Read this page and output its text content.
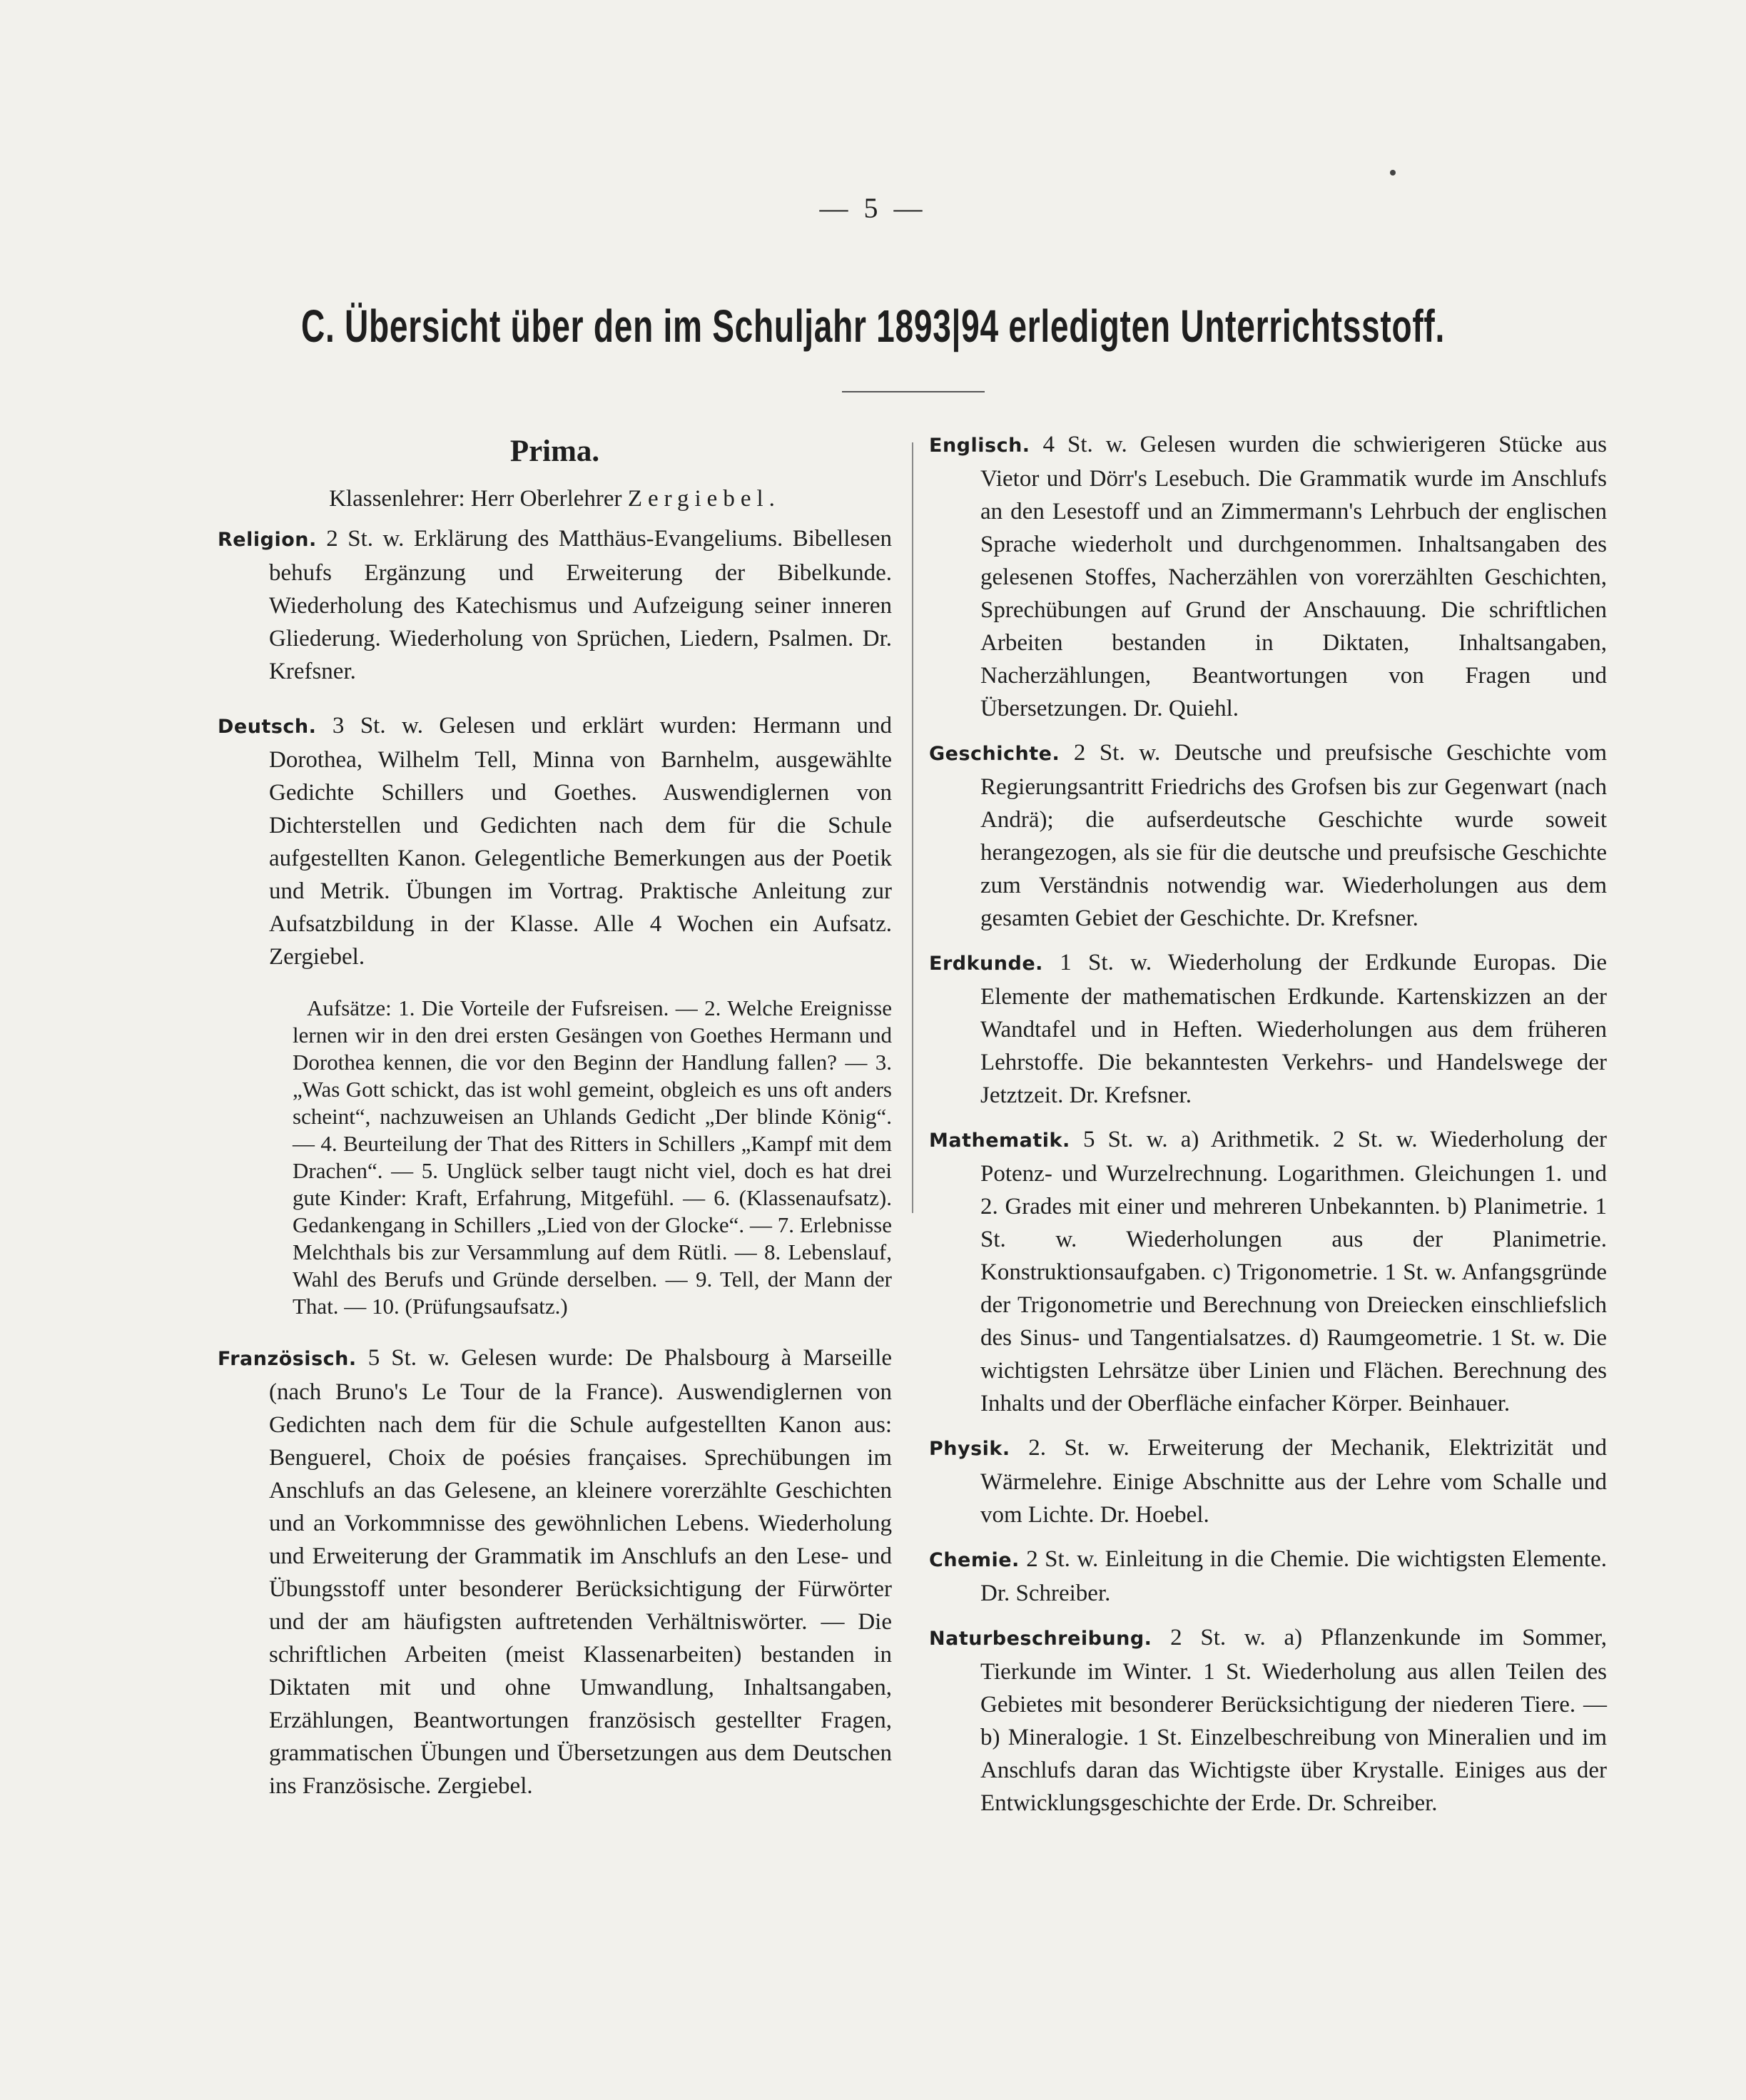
— 5 —
C. Übersicht über den im Schuljahr 1893|94 erledigten Unterrichtsstoff.
Prima.
Klassenlehrer: Herr Oberlehrer Zergiebel.

Religion. 2 St. w. Erklärung des Matthäus-Evangeliums. Bibellesen behufs Ergänzung und Erweiterung der Bibelkunde. Wiederholung des Katechismus und Aufzeigung seiner inneren Gliederung. Wiederholung von Sprüchen, Liedern, Psalmen. Dr. Krefsner.

Deutsch. 3 St. w. Gelesen und erklärt wurden: Hermann und Dorothea, Wilhelm Tell, Minna von Barnhelm, ausgewählte Gedichte Schillers und Goethes. Auswendiglernen von Dichterstellen und Gedichten nach dem für die Schule aufgestellten Kanon. Gelegentliche Bemerkungen aus der Poetik und Metrik. Übungen im Vortrag. Praktische Anleitung zur Aufsatzbildung in der Klasse. Alle 4 Wochen ein Aufsatz. Zergiebel.

Aufsätze: 1. Die Vorteile der Fufsreisen. — 2. Welche Ereignisse lernen wir in den drei ersten Gesängen von Goethes Hermann und Dorothea kennen, die vor den Beginn der Handlung fallen? — 3. „Was Gott schickt, das ist wohl gemeint, obgleich es uns oft anders scheint“, nachzuweisen an Uhlands Gedicht „Der blinde König“. — 4. Beurteilung der That des Ritters in Schillers „Kampf mit dem Drachen“. — 5. Unglück selber taugt nicht viel, doch es hat drei gute Kinder: Kraft, Erfahrung, Mitgefühl. — 6. (Klassenaufsatz). Gedankengang in Schillers „Lied von der Glocke“. — 7. Erlebnisse Melchthals bis zur Versammlung auf dem Rütli. — 8. Lebenslauf, Wahl des Berufs und Gründe derselben. — 9. Tell, der Mann der That. — 10. (Prüfungsaufsatz.)

Französisch. 5 St. w. Gelesen wurde: De Phalsbourg à Marseille (nach Bruno's Le Tour de la France). Auswendiglernen von Gedichten nach dem für die Schule aufgestellten Kanon aus: Benguerel, Choix de poésies françaises. Sprechübungen im Anschlufs an das Gelesene, an kleinere vorerzählte Geschichten und an Vorkommnisse des gewöhnlichen Lebens. Wiederholung und Erweiterung der Grammatik im Anschlufs an den Lese- und Übungsstoff unter besonderer Berücksichtigung der Fürwörter und der am häufigsten auftretenden Verhältniswörter. — Die schriftlichen Arbeiten (meist Klassenarbeiten) bestanden in Diktaten mit und ohne Umwandlung, Inhaltsangaben, Erzählungen, Beantwortungen französisch gestellter Fragen, grammatischen Übungen und Übersetzungen aus dem Deutschen ins Französische. Zergiebel.

Englisch. 4 St. w. Gelesen wurden die schwierigeren Stücke aus Vietor und Dörr's Lesebuch. Die Grammatik wurde im Anschlufs an den Lesestoff und an Zimmermann's Lehrbuch der englischen Sprache wiederholt und durchgenommen. Inhaltsangaben des gelesenen Stoffes, Nacherzählen von vorerzählten Geschichten, Sprechübungen auf Grund der Anschauung. Die schriftlichen Arbeiten bestanden in Diktaten, Inhaltsangaben, Nacherzählungen, Beantwortungen von Fragen und Übersetzungen. Dr. Quiehl.

Geschichte. 2 St. w. Deutsche und preufsische Geschichte vom Regierungsantritt Friedrichs des Grofsen bis zur Gegenwart (nach Andrä); die aufserdeutsche Geschichte wurde soweit herangezogen, als sie für die deutsche und preufsische Geschichte zum Verständnis notwendig war. Wiederholungen aus dem gesamten Gebiet der Geschichte. Dr. Krefsner.

Erdkunde. 1 St. w. Wiederholung der Erdkunde Europas. Die Elemente der mathematischen Erdkunde. Kartenskizzen an der Wandtafel und in Heften. Wiederholungen aus dem früheren Lehrstoffe. Die bekanntesten Verkehrs- und Handelswege der Jetztzeit. Dr. Krefsner.

Mathematik. 5 St. w. a) Arithmetik. 2 St. w. Wiederholung der Potenz- und Wurzelrechnung. Logarithmen. Gleichungen 1. und 2. Grades mit einer und mehreren Unbekannten. b) Planimetrie. 1 St. w. Wiederholungen aus der Planimetrie. Konstruktionsaufgaben. c) Trigonometrie. 1 St. w. Anfangsgründe der Trigonometrie und Berechnung von Dreiecken einschliefslich des Sinus- und Tangentialsatzes. d) Raumgeometrie. 1 St. w. Die wichtigsten Lehrsätze über Linien und Flächen. Berechnung des Inhalts und der Oberfläche einfacher Körper. Beinhauer.

Physik. 2. St. w. Erweiterung der Mechanik, Elektrizität und Wärmelehre. Einige Abschnitte aus der Lehre vom Schalle und vom Lichte. Dr. Hoebel.

Chemie. 2 St. w. Einleitung in die Chemie. Die wichtigsten Elemente. Dr. Schreiber.

Naturbeschreibung. 2 St. w. a) Pflanzenkunde im Sommer, Tierkunde im Winter. 1 St. Wiederholung aus allen Teilen des Gebietes mit besonderer Berücksichtigung der niederen Tiere. — b) Mineralogie. 1 St. Einzelbeschreibung von Mineralien und im Anschlufs daran das Wichtigste über Krystalle. Einiges aus der Entwicklungsgeschichte der Erde. Dr. Schreiber.
